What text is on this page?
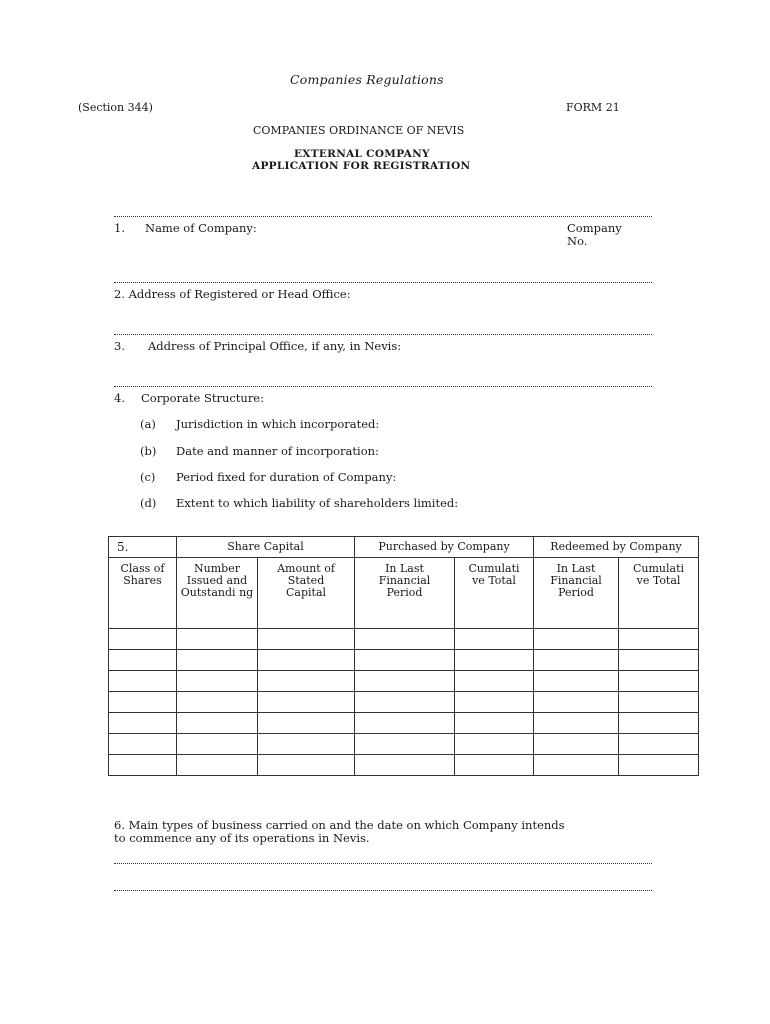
Companies Regulations
(Section 344)	FORM 21
COMPANIES ORDINANCE OF NEVIS
EXTERNAL COMPANY
APPLICATION FOR REGISTRATION
1. Name of Company:	Company
No.
2. Address of Registered or Head Office:
3. Address of Principal Office, if any, in Nevis:
4. Corporate Structure:
(a) Jurisdiction in which incorporated:
(b) Date and manner of incorporation:
(c) Period fixed for duration of Company:
(d) Extent to which liability of shareholders limited:
5.	Share Capital		Purchased by Company		Redeemed by Company	
Class of Shares	Number Issued and Outstandi ng	Amount of Stated Capital	In Last Financial Period	Cumulati ve Total	In Last Financial Period	Cumulati ve Total

6. Main types of business carried on and the date on which Company intends
to commence any of its operations in Nevis.
